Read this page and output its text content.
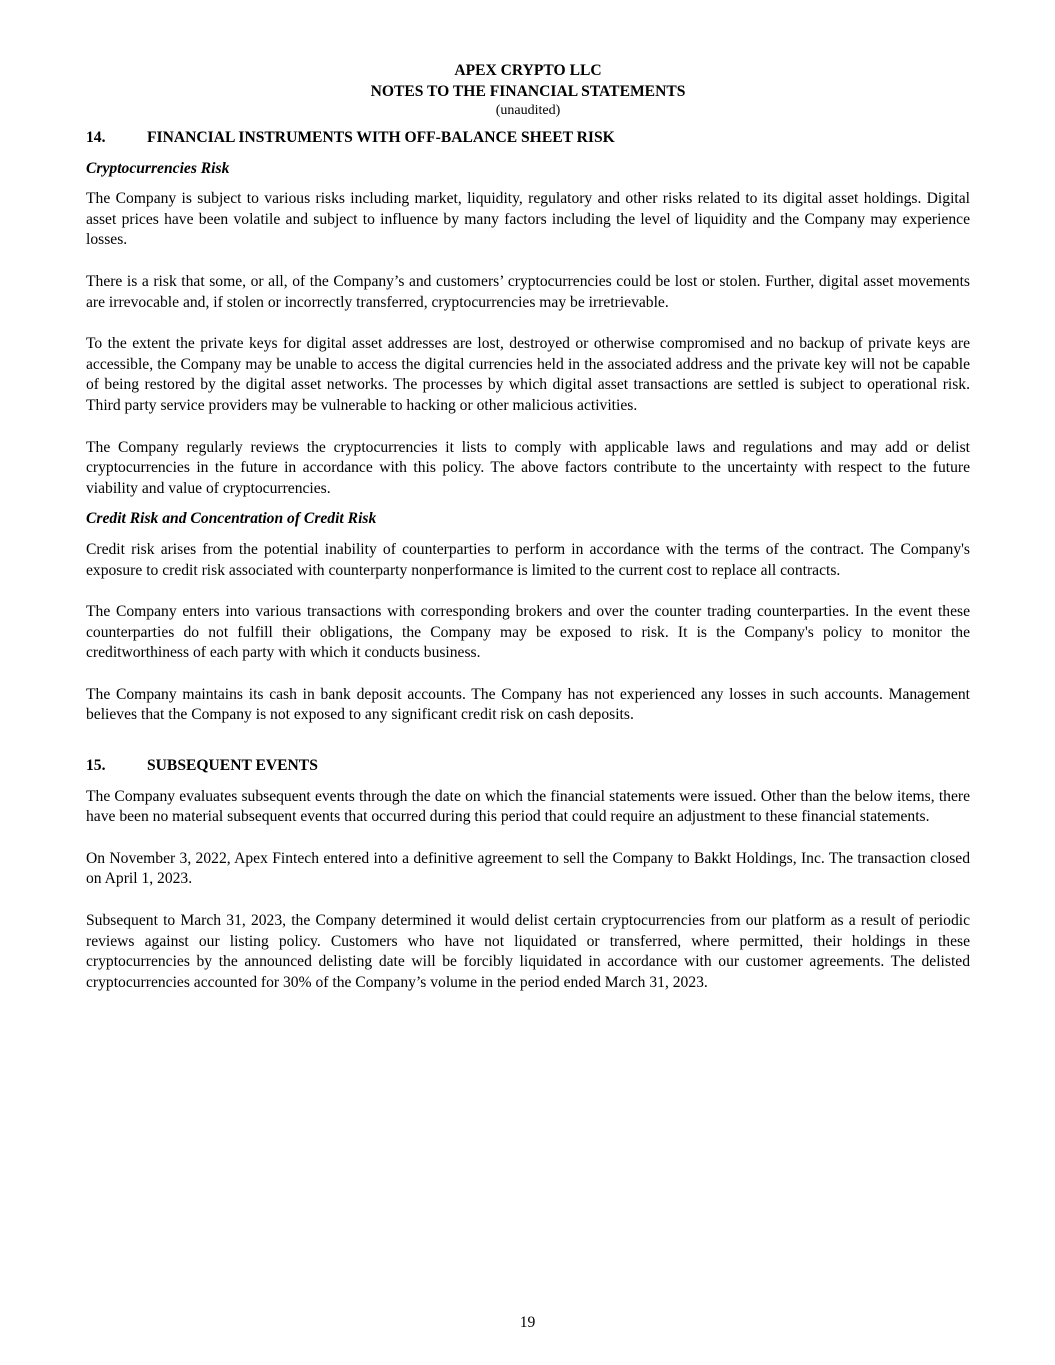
APEX CRYPTO LLC
NOTES TO THE FINANCIAL STATEMENTS
(unaudited)
14.	FINANCIAL INSTRUMENTS WITH OFF-BALANCE SHEET RISK
Cryptocurrencies Risk

The Company is subject to various risks including market, liquidity, regulatory and other risks related to its digital asset holdings. Digital asset prices have been volatile and subject to influence by many factors including the level of liquidity and the Company may experience losses.

There is a risk that some, or all, of the Company’s and customers’ cryptocurrencies could be lost or stolen. Further, digital asset movements are irrevocable and, if stolen or incorrectly transferred, cryptocurrencies may be irretrievable.

To the extent the private keys for digital asset addresses are lost, destroyed or otherwise compromised and no backup of private keys are accessible, the Company may be unable to access the digital currencies held in the associated address and the private key will not be capable of being restored by the digital asset networks. The processes by which digital asset transactions are settled is subject to operational risk. Third party service providers may be vulnerable to hacking or other malicious activities.

The Company regularly reviews the cryptocurrencies it lists to comply with applicable laws and regulations and may add or delist cryptocurrencies in the future in accordance with this policy. The above factors contribute to the uncertainty with respect to the future viability and value of cryptocurrencies.

Credit Risk and Concentration of Credit Risk

Credit risk arises from the potential inability of counterparties to perform in accordance with the terms of the contract. The Company's exposure to credit risk associated with counterparty nonperformance is limited to the current cost to replace all contracts.

The Company enters into various transactions with corresponding brokers and over the counter trading counterparties. In the event these counterparties do not fulfill their obligations, the Company may be exposed to risk. It is the Company's policy to monitor the creditworthiness of each party with which it conducts business.

The Company maintains its cash in bank deposit accounts. The Company has not experienced any losses in such accounts. Management believes that the Company is not exposed to any significant credit risk on cash deposits.

15.	SUBSEQUENT EVENTS

The Company evaluates subsequent events through the date on which the financial statements were issued. Other than the below items, there have been no material subsequent events that occurred during this period that could require an adjustment to these financial statements.

On November 3, 2022, Apex Fintech entered into a definitive agreement to sell the Company to Bakkt Holdings, Inc. The transaction closed on April 1, 2023.

Subsequent to March 31, 2023, the Company determined it would delist certain cryptocurrencies from our platform as a result of periodic reviews against our listing policy. Customers who have not liquidated or transferred, where permitted, their holdings in these cryptocurrencies by the announced delisting date will be forcibly liquidated in accordance with our customer agreements. The delisted cryptocurrencies accounted for 30% of the Company’s volume in the period ended March 31, 2023.

19
